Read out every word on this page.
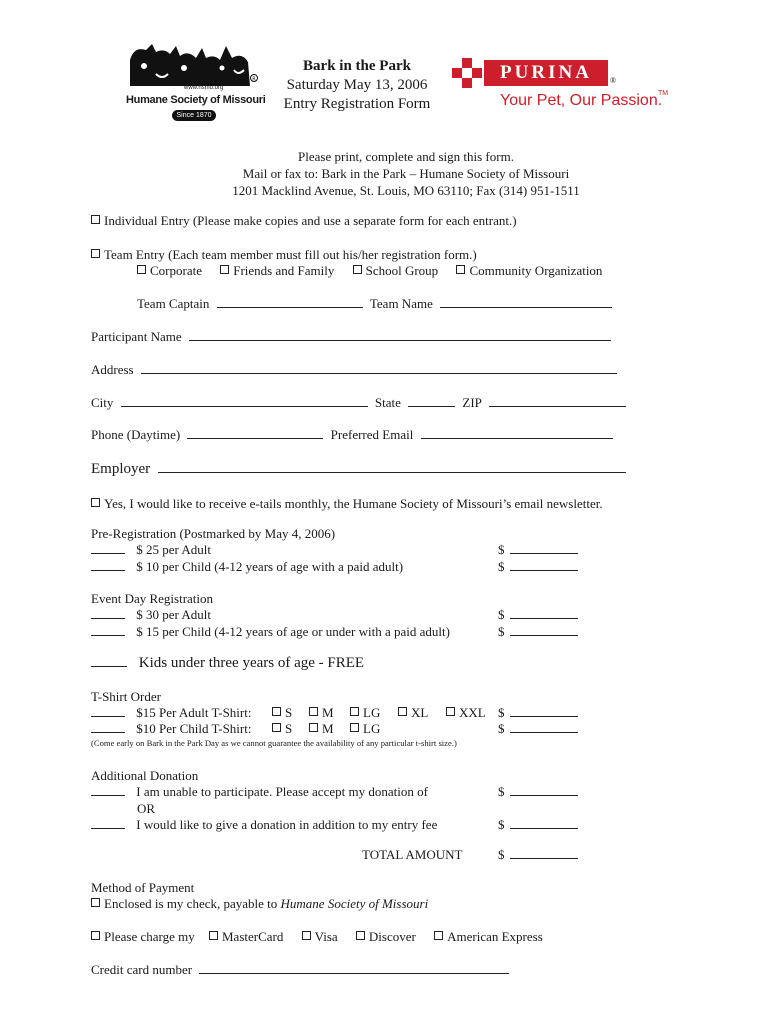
R
www.hsmo.org
Humane Society of Missouri
Since 1870
Bark in the Park
Saturday May 13, 2006
Entry Registration Form
PURINA	®
Your Pet, Our Passion.
TM
Please print, complete and sign this form.
Mail or fax to: Bark in the Park – Humane Society of Missouri
1201 Macklind Avenue, St. Louis, MO 63110; Fax (314) 951-1511
Individual Entry (Please make copies and use a separate form for each entrant.)
Team Entry (Each team member must fill out his/her registration form.)
Corporate Friends and Family School Group Community Organization
Team Captain	Team Name
Participant Name
Address
City	State	ZIP
Phone (Daytime)	Preferred Email
Employer
Yes, I would like to receive e-tails monthly, the Humane Society of Missouri’s email newsletter.
Pre-Registration (Postmarked by May 4, 2006)
$ 25 per Adult	$
$ 10 per Child (4-12 years of age with a paid adult)	$
Event Day Registration
$ 30 per Adult	$
$ 15 per Child (4-12 years of age or under with a paid adult)	$
Kids under three years of age - FREE
T-Shirt Order
$15 Per Adult T-Shirt:	S	M	LG	XL	XXL $
$10 Per Child T-Shirt:	S	M	LG	$
(Come early on Bark in the Park Day as we cannot guarantee the availability of any particular t-shirt size.)
Additional Donation
I am unable to participate. Please accept my donation of	$
OR
I would like to give a donation in addition to my entry fee	$
TOTAL AMOUNT	$
Method of Payment
Enclosed is my check, payable to Humane Society of Missouri
Please charge my MasterCard Visa Discover American Express
Credit card number
